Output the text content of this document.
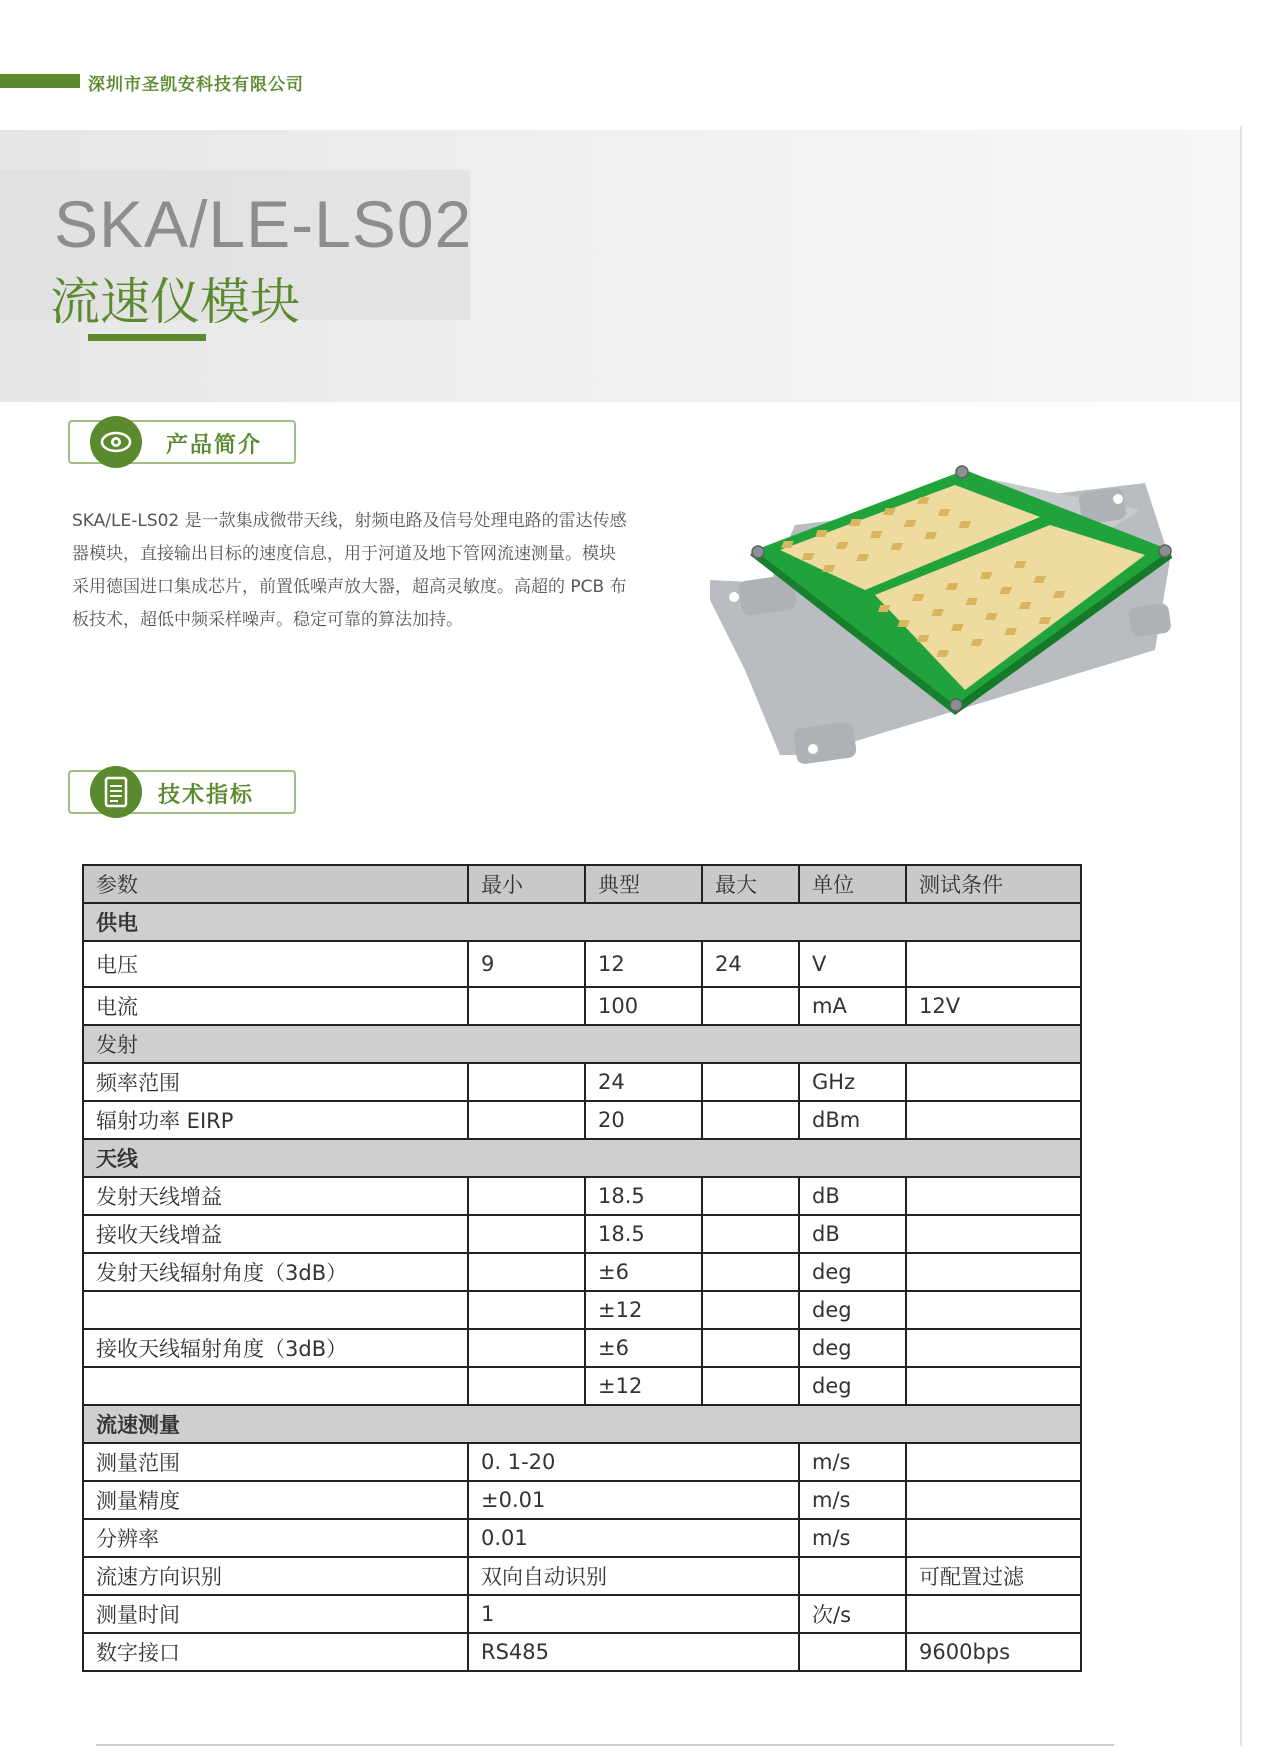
深圳市圣凯安科技有限公司
SKA/LE-LS02
流速仪模块
产品简介
SKA/LE-LS02 是一款集成微带天线，射频电路及信号处理电路的雷达传感器模块，直接输出目标的速度信息，用于河道及地下管网流速测量。模块采用德国进口集成芯片，前置低噪声放大器，超高灵敏度。高超的 PCB 布板技术，超低中频采样噪声。稳定可靠的算法加持。
技术指标
参数	最小	典型	最大	单位	测试条件
供电					
电压	9	12	24	V	
电流		100		mA	12V
发射					
频率范围		24		GHz	
辐射功率 EIRP		20		dBm	
天线					
发射天线增益		18.5		dB	
接收天线增益		18.5		dB	
发射天线辐射角度（3dB）		±6		deg	
		±12		deg	
接收天线辐射角度（3dB）		±6		deg	
		±12		deg	
流速测量					
测量范围	0. 1-20			m/s	
测量精度	±0.01			m/s	
分辨率	0.01			m/s	
流速方向识别	双向自动识别				可配置过滤
测量时间	1			次/s	
数字接口	RS485				9600bps
